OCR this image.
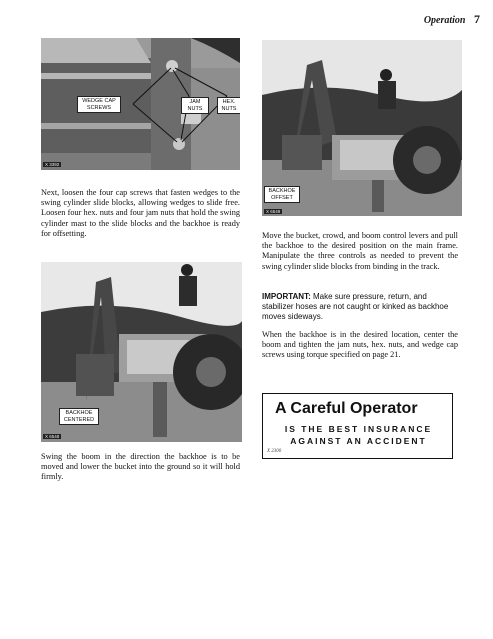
Operation 7
WEDGE CAP SCREWS
JAM NUTS
HEX. NUTS
X 3392
BACKHOE OFFSET
X 6549
Next, loosen the four cap screws that fasten wedges to the swing cylinder slide blocks, allowing wedges to slide free. Loosen four hex. nuts and four jam nuts that hold the swing cylinder mast to the slide blocks and the backhoe is ready for offsetting.	Move the bucket, crowd, and boom control levers and pull the backhoe to the desired position on the main frame. Manipulate the three controls as needed to prevent the swing cylinder slide blocks from binding in the track.
IMPORTANT: Make sure pressure, return, and stabilizer hoses are not caught or kinked as backhoe moves sideways.
When the backhoe is in the desired location, center the boom and tighten the jam nuts, hex. nuts, and wedge cap screws using torque specified on page 21.
BACKHOE CENTERED
X 6548
Swing the boom in the direction the backhoe is to be moved and lower the bucket into the ground so it will hold firmly.
A Careful Operator
IS THE BEST INSURANCE
AGAINST AN ACCIDENT
X 2300
